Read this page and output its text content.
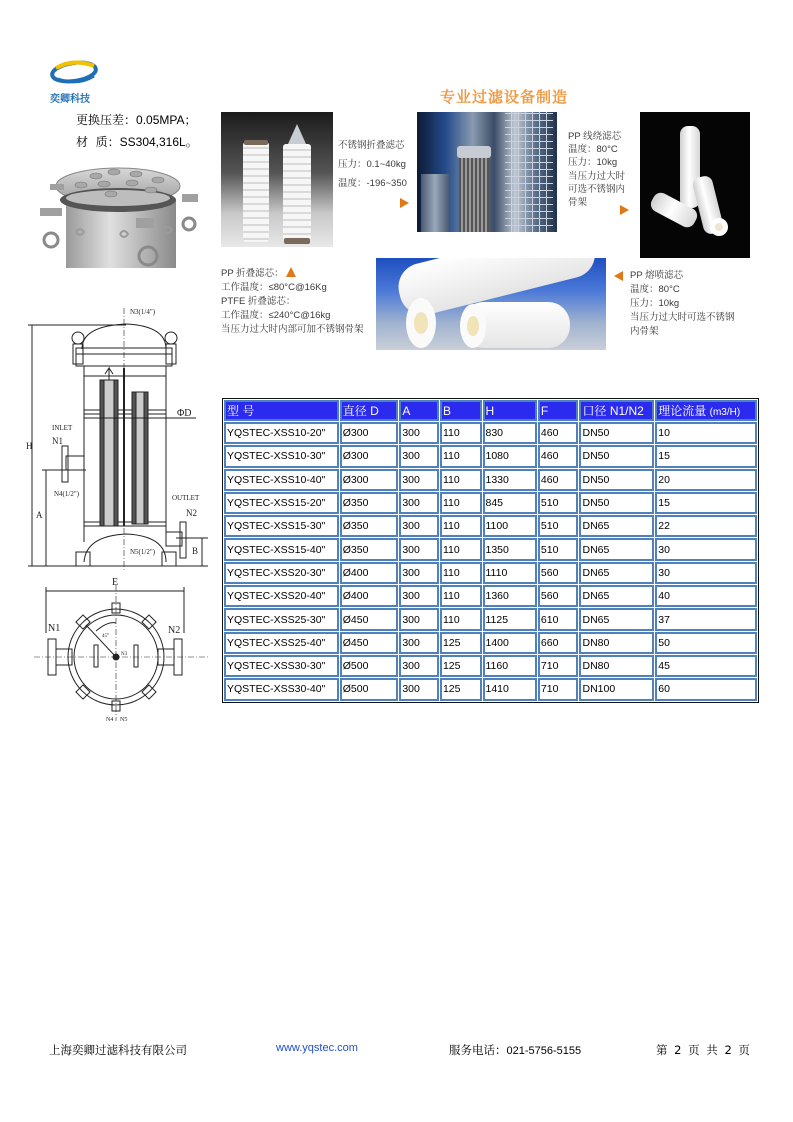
奕卿科技
更换压差：0.05MPA；
材  质：SS304,316L。
专业过滤设备制造
不锈钢折叠滤芯
压力：0.1~40kg
温度：-196~350
PP 线绕滤芯
温度：80°C
压力：10kg
当压力过大时
可选不锈钢内
骨架
PP 折叠滤芯：
工作温度：≤80°C@16Kg
PTFE 折叠滤芯：
工作温度：≤240°C@16kg
当压力过大时内部可加不锈钢骨架
PP 熔喷滤芯
温度：80°C
压力：10kg
当压力过大时可选不锈钢
内骨架
N3(1/4")
INLET
N1
ΦD
H
N4(1/2")	OUTLET
N2
A
B
N5(1/2")
E
N1	N2
45°
N3
N4 N5
型 号	直径 D	A	B	H	F	口径 N1/N2	理论流量 (m3/H)
YQSTEC-XSS10-20"	Ø300	300	110	830	460	DN50	10
YQSTEC-XSS10-30"	Ø300	300	110	1080	460	DN50	15
YQSTEC-XSS10-40"	Ø300	300	110	1330	460	DN50	20
YQSTEC-XSS15-20"	Ø350	300	110	845	510	DN50	15
YQSTEC-XSS15-30"	Ø350	300	110	1100	510	DN65	22
YQSTEC-XSS15-40"	Ø350	300	110	1350	510	DN65	30
YQSTEC-XSS20-30"	Ø400	300	110	1110	560	DN65	30
YQSTEC-XSS20-40"	Ø400	300	110	1360	560	DN65	40
YQSTEC-XSS25-30"	Ø450	300	110	1125	610	DN65	37
YQSTEC-XSS25-40"	Ø450	300	125	1400	660	DN80	50
YQSTEC-XSS30-30"	Ø500	300	125	1160	710	DN80	45
YQSTEC-XSS30-40"	Ø500	300	125	1410	710	DN100	60
上海奕卿过滤科技有限公司	www.yqstec.com	服务电话：021-5756-5155	第 2 页 共 2 页
